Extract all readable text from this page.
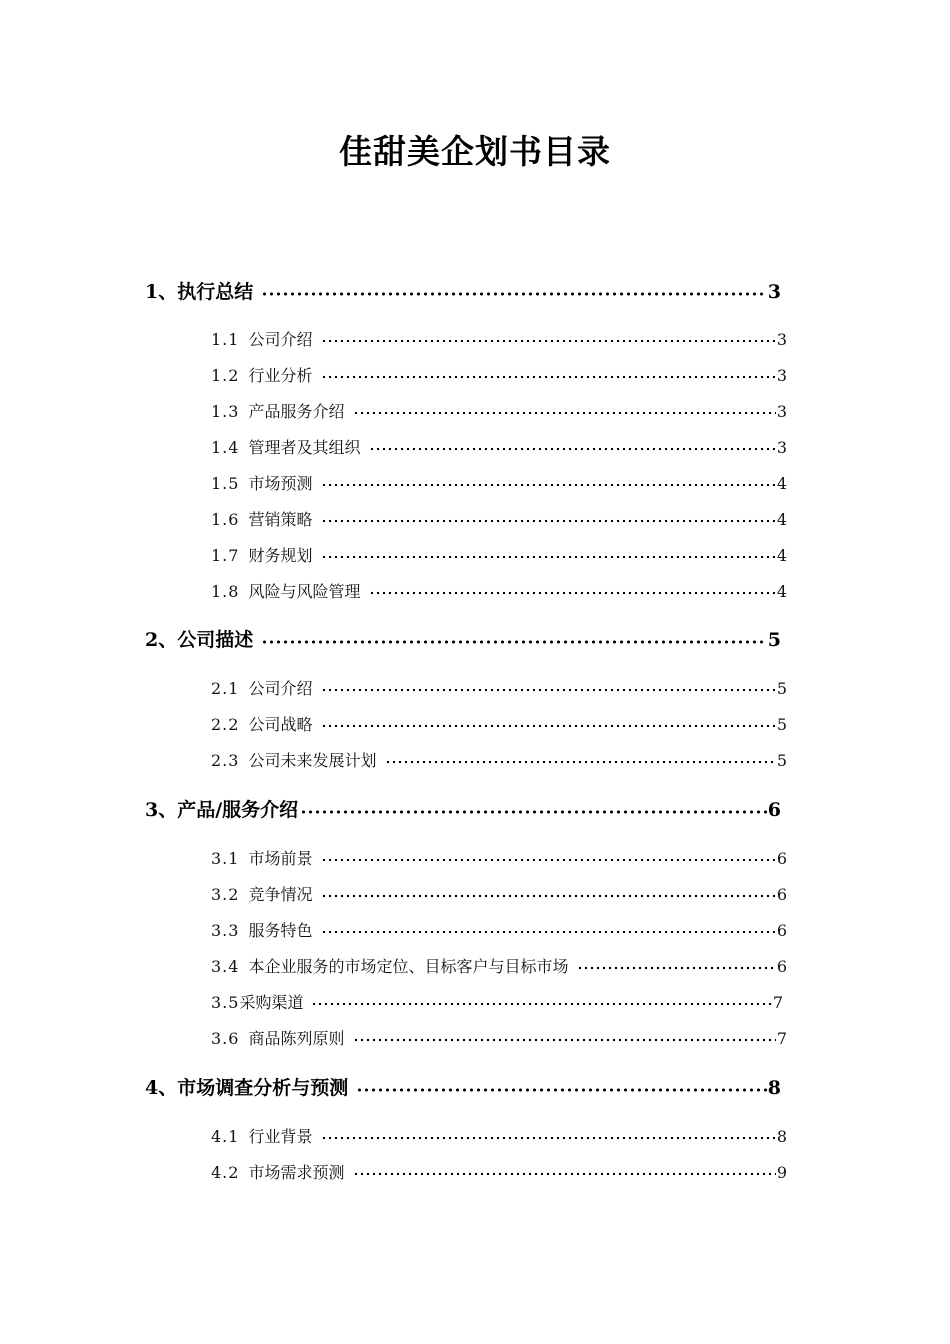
佳甜美企划书目录
1、执行总结	3
1.1 公司介绍	3
1.2 行业分析	3
1.3 产品服务介绍	3
1.4 管理者及其组织	3
1.5 市场预测	4
1.6 营销策略	4
1.7 财务规划	4
1.8 风险与风险管理	4
2、公司描述	5
2.1 公司介绍	5
2.2 公司战略	5
2.3 公司未来发展计划	5
3、产品/服务介绍	6
3.1 市场前景	6
3.2 竞争情况	6
3.3 服务特色	6
3.4 本企业服务的市场定位、目标客户与目标市场	6
3.5采购渠道	7
3.6 商品陈列原则	7
4、市场调查分析与预测	8
4.1 行业背景	8
4.2 市场需求预测	9
